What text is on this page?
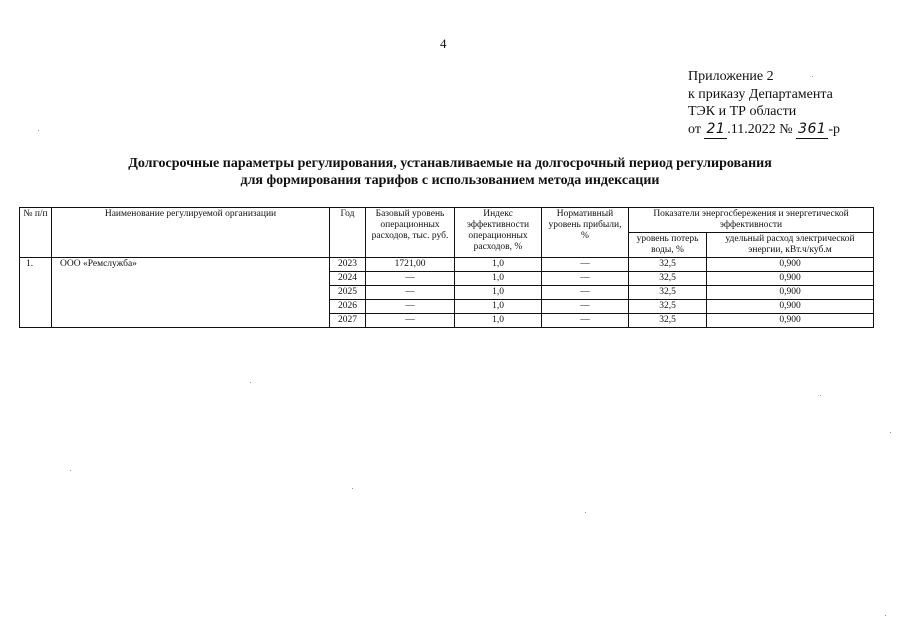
4
Приложение 2
к приказу Департамента
ТЭК и ТР области
от 21 .11.2022 № 361 -р
Долгосрочные параметры регулирования, устанавливаемые на долгосрочный период регулирования
для формирования тарифов с использованием метода индексации
№ п/п	Наименование регулируемой организации	Год	Базовый уровень операционных расходов, тыс. руб.	Индекс эффективности операционных расходов, %	Нормативный уровень прибыли, %	Показатели энергосбережения и энергетической эффективности	
						уровень потерь воды, %	удельный расход электрической энергии, кВт.ч/куб.м
1.	ООО «Ремслужба»	2023	1721,00	1,0	—	32,5	0,900
		2024	—	1,0	—	32,5	0,900
		2025	—	1,0	—	32,5	0,900
		2026	—	1,0	—	32,5	0,900
		2027	—	1,0	—	32,5	0,900
